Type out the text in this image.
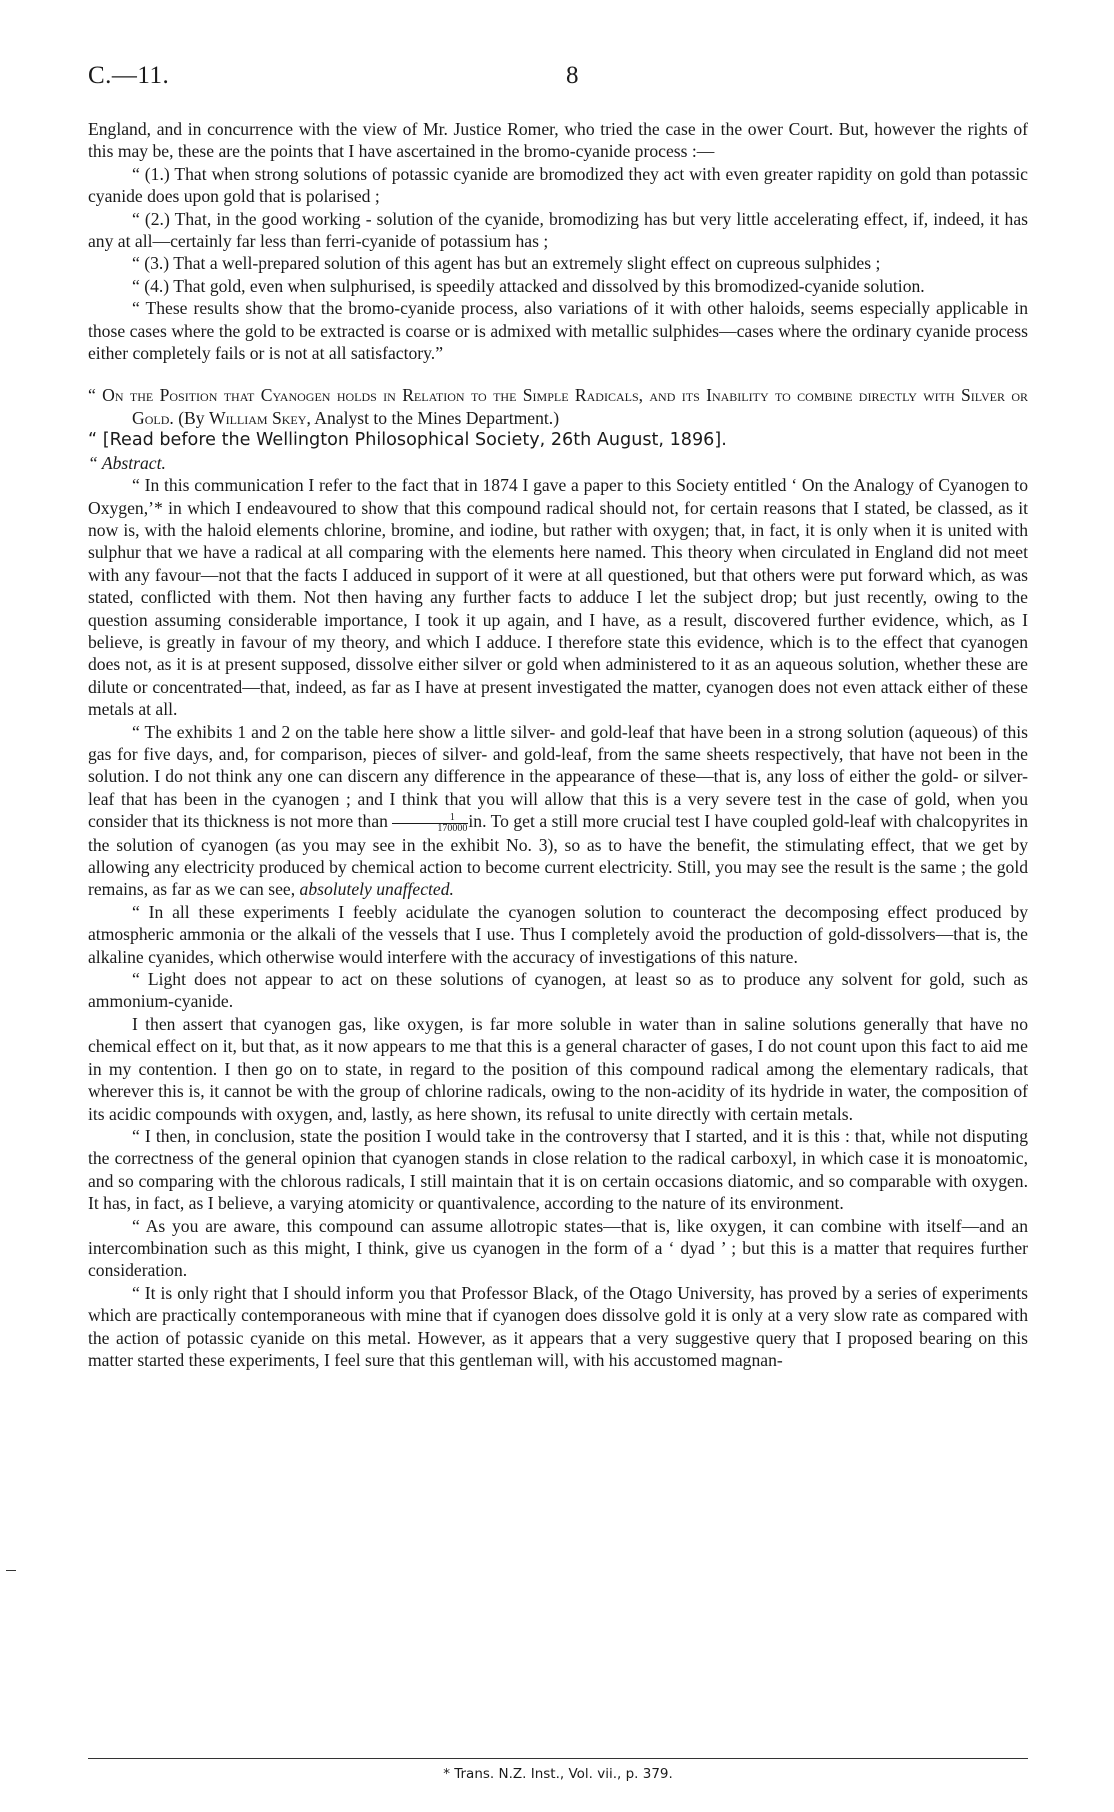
C.—11.	8

England, and in concurrence with the view of Mr. Justice Romer, who tried the case in the ower Court. But, however the rights of this may be, these are the points that I have ascertained in the bromo-cyanide process :—

“ (1.) That when strong solutions of potassic cyanide are bromodized they act with even greater rapidity on gold than potassic cyanide does upon gold that is polarised ;

“ (2.) That, in the good working - solution of the cyanide, bromodizing has but very little accelerating effect, if, indeed, it has any at all—certainly far less than ferri-cyanide of potassium has ;

“ (3.) That a well-prepared solution of this agent has but an extremely slight effect on cupreous sulphides ;

“ (4.) That gold, even when sulphurised, is speedily attacked and dissolved by this bromodized-cyanide solution.

“ These results show that the bromo-cyanide process, also variations of it with other haloids, seems especially applicable in those cases where the gold to be extracted is coarse or is admixed with metallic sulphides—cases where the ordinary cyanide process either completely fails or is not at all satisfactory.”

“ On the Position that Cyanogen holds in Relation to the Simple Radicals, and its Inability to combine directly with Silver or Gold. (By William Skey, Analyst to the Mines Department.)

“ [Read before the Wellington Philosophical Society, 26th August, 1896].

“ Abstract.

“ In this communication I refer to the fact that in 1874 I gave a paper to this Society entitled ‘ On the Analogy of Cyanogen to Oxygen,’* in which I endeavoured to show that this compound radical should not, for certain reasons that I stated, be classed, as it now is, with the haloid elements chlorine, bromine, and iodine, but rather with oxygen; that, in fact, it is only when it is united with sulphur that we have a radical at all comparing with the elements here named. This theory when circulated in England did not meet with any favour—not that the facts I adduced in support of it were at all questioned, but that others were put forward which, as was stated, conflicted with them. Not then having any further facts to adduce I let the subject drop; but just recently, owing to the question assuming considerable importance, I took it up again, and I have, as a result, discovered further evidence, which, as I believe, is greatly in favour of my theory, and which I adduce. I therefore state this evidence, which is to the effect that cyanogen does not, as it is at present supposed, dissolve either silver or gold when administered to it as an aqueous solution, whether these are dilute or concentrated—that, indeed, as far as I have at present investigated the matter, cyanogen does not even attack either of these metals at all.

“ The exhibits 1 and 2 on the table here show a little silver- and gold-leaf that have been in a strong solution (aqueous) of this gas for five days, and, for comparison, pieces of silver- and gold-leaf, from the same sheets respectively, that have not been in the solution. I do not think any one can discern any difference in the appearance of these—that is, any loss of either the gold- or silver-leaf that has been in the cyanogen ; and I think that you will allow that this is a very severe test in the case of gold, when you consider that its thickness is not more than $\frac{1}{170000}$ in. To get a still more crucial test I have coupled gold-leaf with chalcopyrites in the solution of cyanogen (as you may see in the exhibit No. 3), so as to have the benefit, the stimulating effect, that we get by allowing any electricity produced by chemical action to become current electricity. Still, you may see the result is the same ; the gold remains, as far as we can see, absolutely unaffected.

“ In all these experiments I feebly acidulate the cyanogen solution to counteract the decomposing effect produced by atmospheric ammonia or the alkali of the vessels that I use. Thus I completely avoid the production of gold-dissolvers—that is, the alkaline cyanides, which otherwise would interfere with the accuracy of investigations of this nature.

“ Light does not appear to act on these solutions of cyanogen, at least so as to produce any solvent for gold, such as ammonium-cyanide.

I then assert that cyanogen gas, like oxygen, is far more soluble in water than in saline solutions generally that have no chemical effect on it, but that, as it now appears to me that this is a general character of gases, I do not count upon this fact to aid me in my contention. I then go on to state, in regard to the position of this compound radical among the elementary radicals, that wherever this is, it cannot be with the group of chlorine radicals, owing to the non-acidity of its hydride in water, the composition of its acidic compounds with oxygen, and, lastly, as here shown, its refusal to unite directly with certain metals.

“ I then, in conclusion, state the position I would take in the controversy that I started, and it is this : that, while not disputing the correctness of the general opinion that cyanogen stands in close relation to the radical carboxyl, in which case it is monoatomic, and so comparing with the chlorous radicals, I still maintain that it is on certain occasions diatomic, and so comparable with oxygen. It has, in fact, as I believe, a varying atomicity or quantivalence, according to the nature of its environment.

“ As you are aware, this compound can assume allotropic states—that is, like oxygen, it can combine with itself—and an intercombination such as this might, I think, give us cyanogen in the form of a ‘ dyad ’ ; but this is a matter that requires further consideration.

“ It is only right that I should inform you that Professor Black, of the Otago University, has proved by a series of experiments which are practically contemporaneous with mine that if cyanogen does dissolve gold it is only at a very slow rate as compared with the action of potassic cyanide on this metal. However, as it appears that a very suggestive query that I proposed bearing on this matter started these experiments, I feel sure that this gentleman will, with his accustomed magnan-

* Trans. N.Z. Inst., Vol. vii., p. 379.
